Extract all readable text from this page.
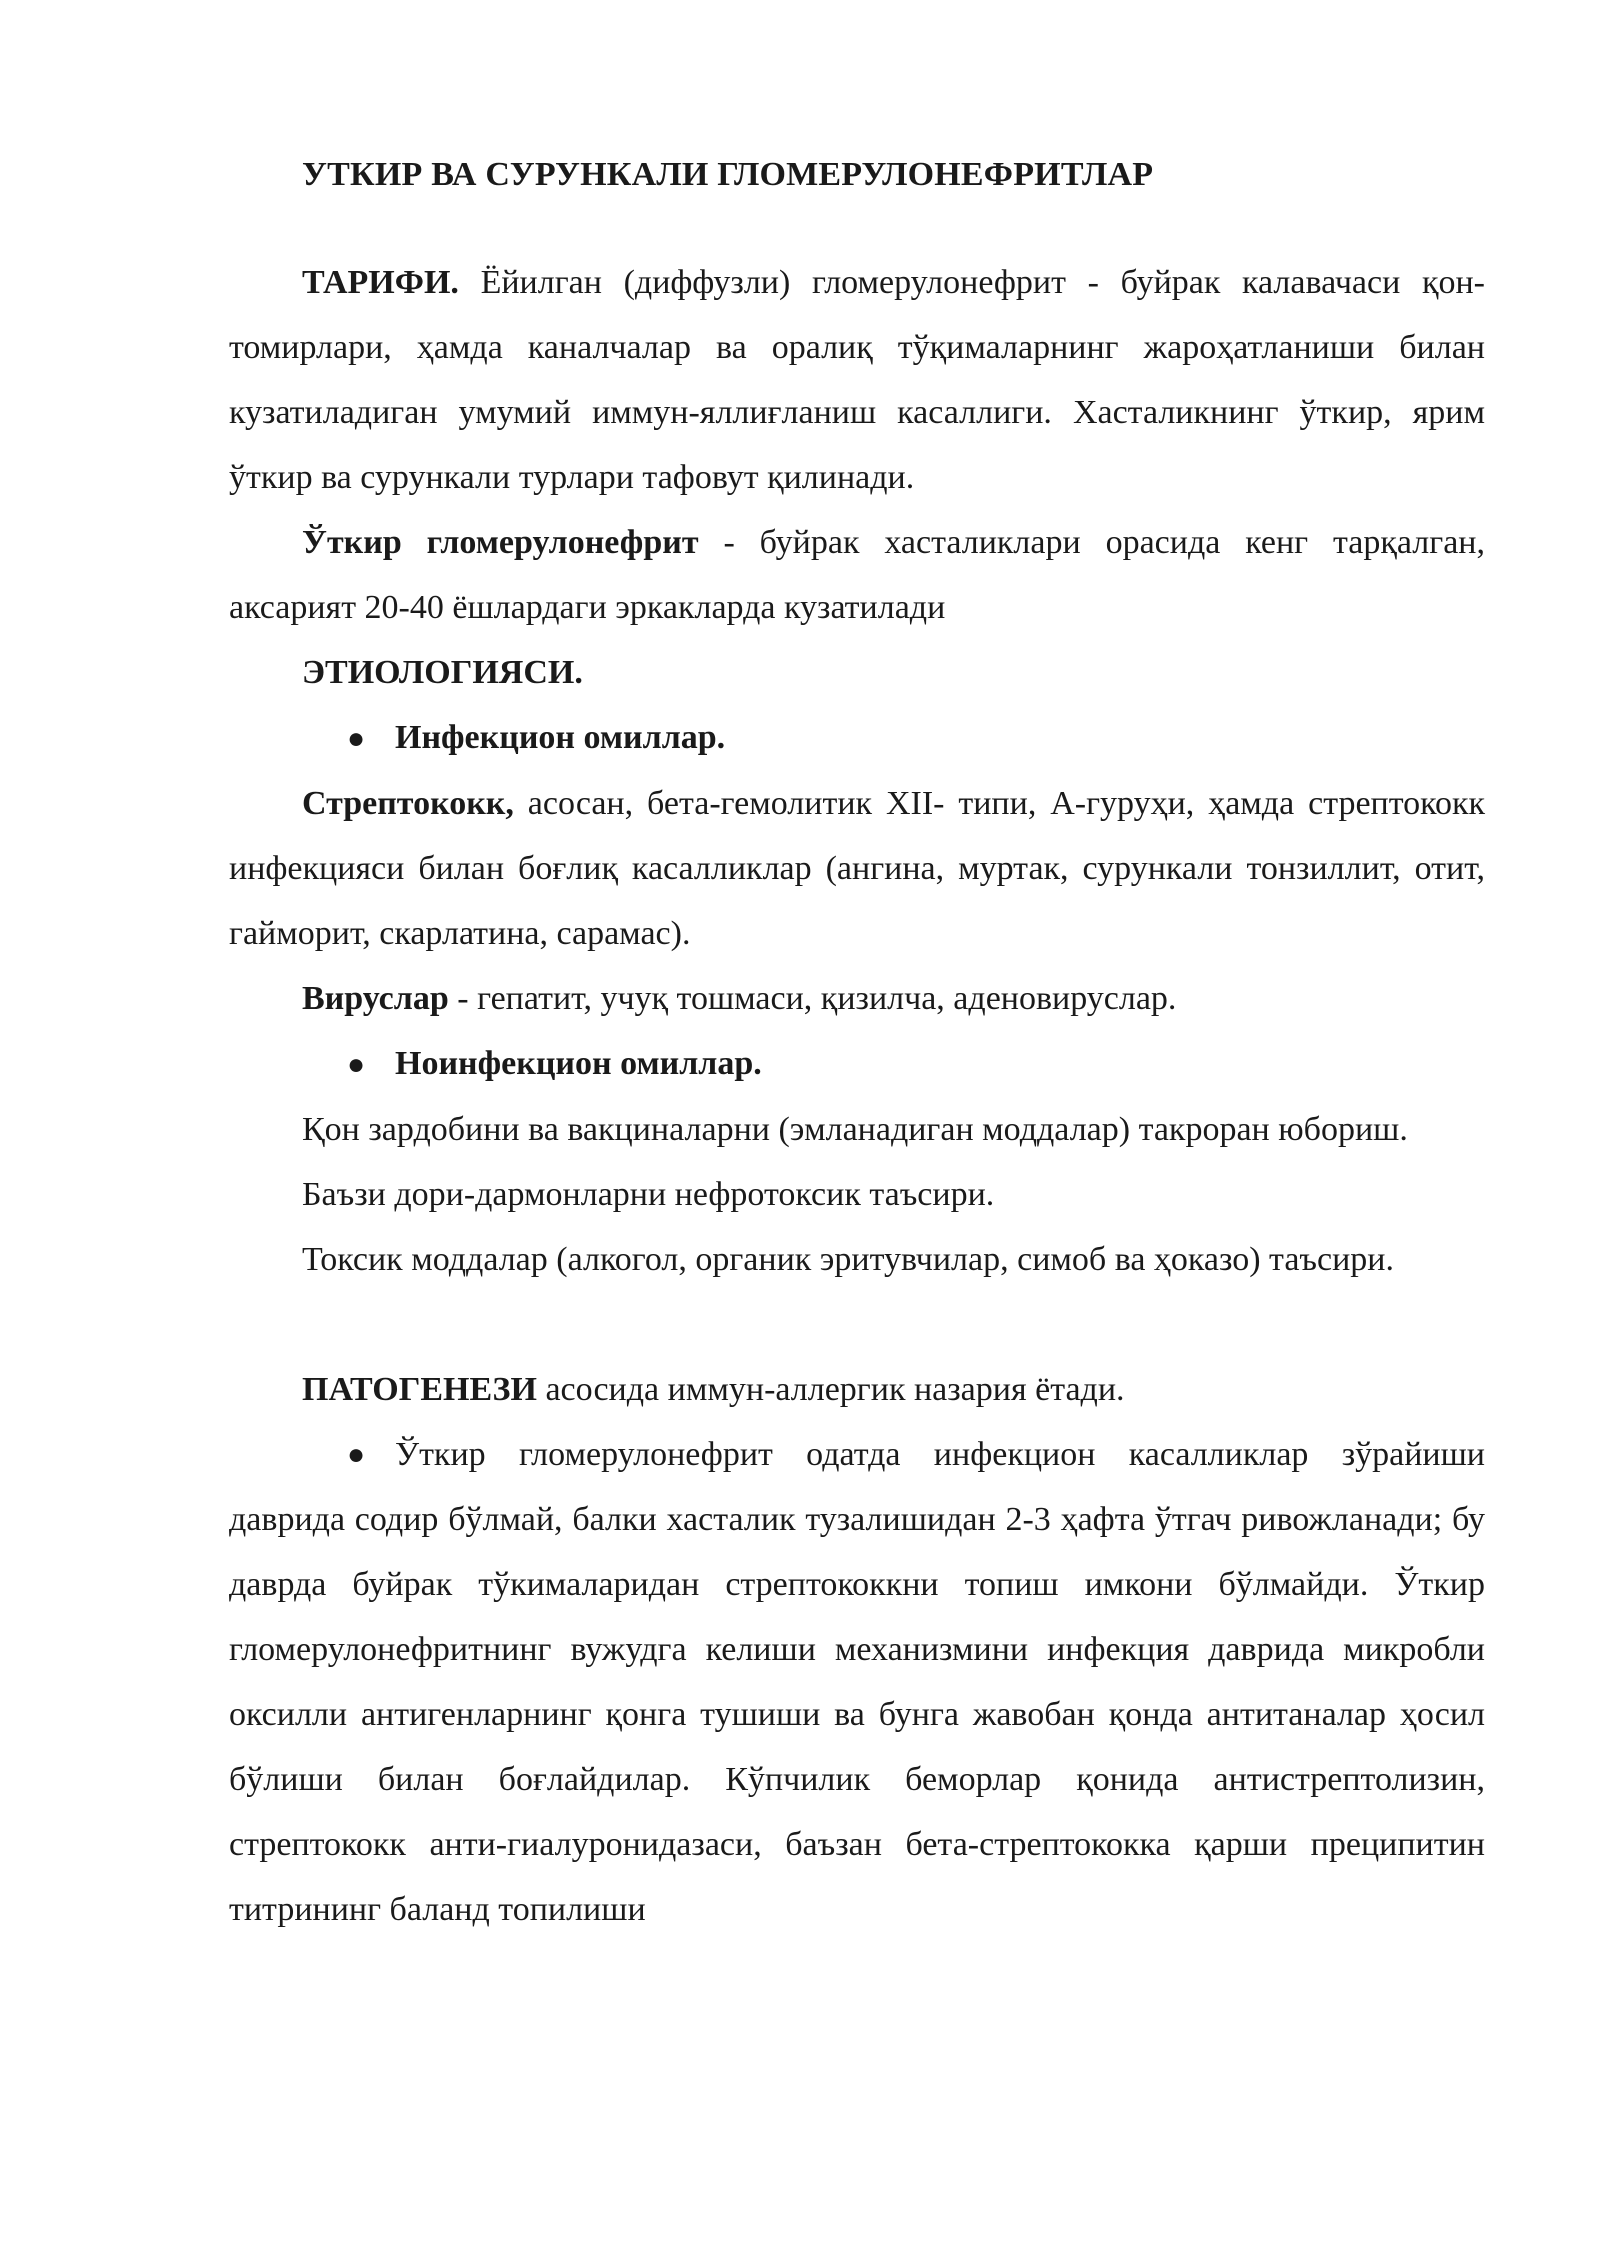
УТКИР ВА СУРУНКАЛИ ГЛОМЕРУЛОНЕФРИТЛАР

ТАРИФИ. Ёйилган (диффузли) гломерулонефрит - буйрак калавачаси қон-томирлари, ҳамда каналчалар ва оралиқ тўқималарнинг жароҳатланиши билан кузатиладиган умумий иммун-яллиғланиш касаллиги. Хасталикнинг ўткир, ярим ўткир ва сурункали турлари тафовут қилинади.

Ўткир гломерулонефрит - буйрак хасталиклари орасида кенг тарқалган, аксарият 20-40 ёшлардаги эркакларда кузатилади

ЭТИОЛОГИЯСИ.
● Инфекцион омиллар.

Стрептококк, асосан, бета-гемолитик XII- типи, А-гуруҳи, ҳамда стрептококк инфекцияси билан боғлиқ касалликлар (ангина, муртак, сурункали тонзиллит, отит, гайморит, скарлатина, сарамас).

Вируслар - гепатит, учуқ тошмаси, қизилча, аденовируслар.

● Ноинфекцион омиллар.

Қон зардобини ва вакциналарни (эмланадиган моддалар) такроран юбориш.

Баъзи дори-дармонларни нефротоксик таъсири.

Токсик моддалар (алкогол, органик эритувчилар, симоб ва ҳоказо) таъсири.

ПАТОГЕНЕЗИ асосида иммун-аллергик назария ётади.

● Ўткир гломерулонефрит одатда инфекцион касалликлар зўрайиши даврида содир бўлмай, балки хасталик тузалишидан 2-3 ҳафта ўтгач ривожланади; бу даврда буйрак тўкималаридан стрептококкни топиш имкони бўлмайди. Ўткир гломерулонефритнинг вужудга келиши механизмини инфекция даврида микробли оксилли антигенларнинг қонга тушиши ва бунга жавобан қонда антитаналар ҳосил бўлиши билан боғлайдилар. Кўпчилик беморлар қонида антистрептолизин, стрептококк анти-гиалуронидазаси, баъзан бета-стрептококка қарши преципитин титрининг баланд топилиши
